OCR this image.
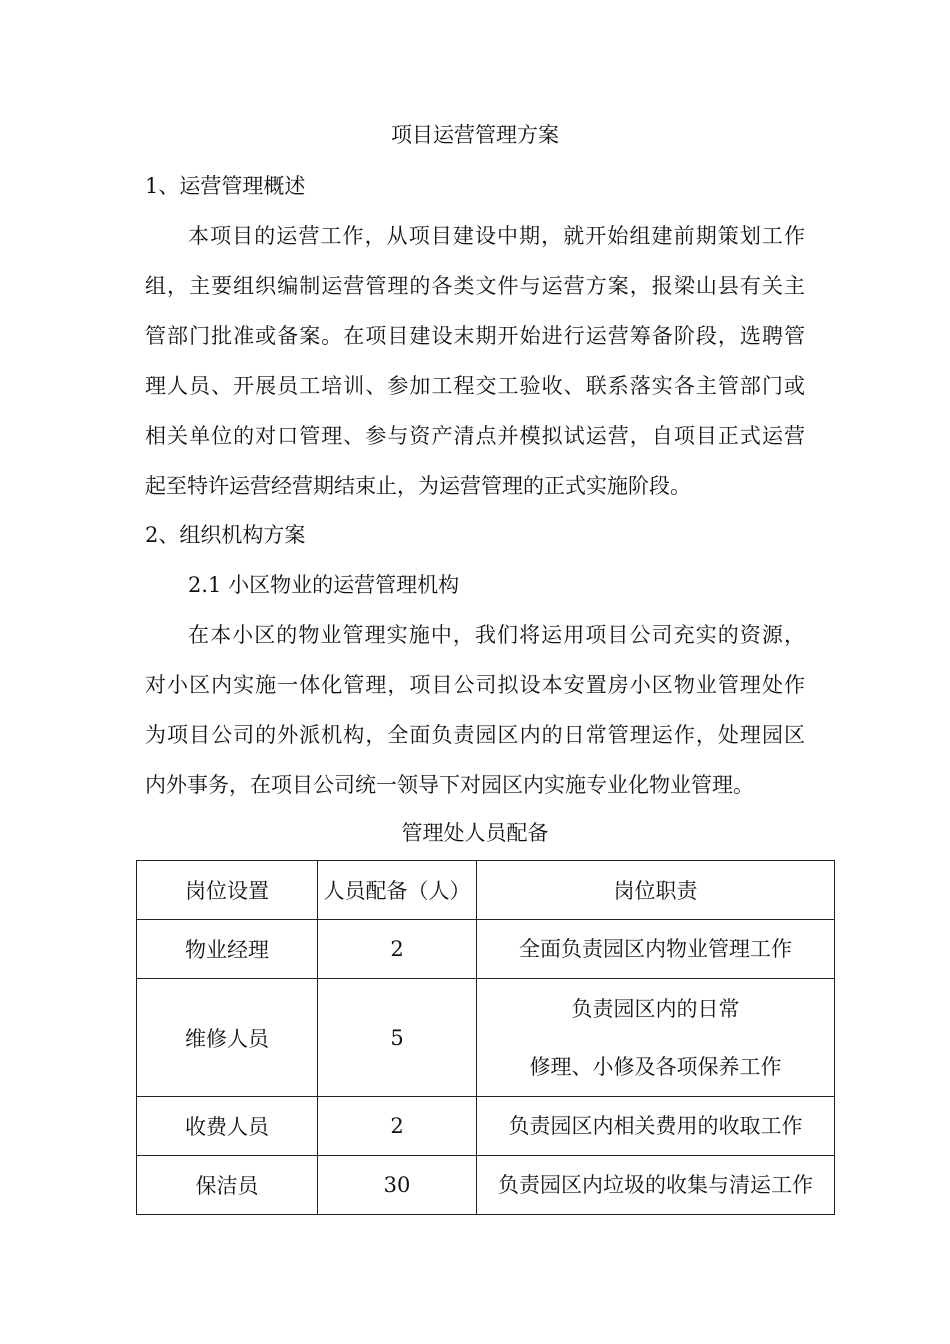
项目运营管理方案
1、运营管理概述
本项目的运营工作，从项目建设中期，就开始组建前期策划工作
组，主要组织编制运营管理的各类文件与运营方案，报梁山县有关主
管部门批准或备案。在项目建设末期开始进行运营筹备阶段，选聘管
理人员、开展员工培训、参加工程交工验收、联系落实各主管部门或
相关单位的对口管理、参与资产清点并模拟试运营，自项目正式运营
起至特许运营经营期结束止，为运营管理的正式实施阶段。
2、组织机构方案
2.1 小区物业的运营管理机构
在本小区的物业管理实施中，我们将运用项目公司充实的资源，
对小区内实施一体化管理，项目公司拟设本安置房小区物业管理处作
为项目公司的外派机构，全面负责园区内的日常管理运作，处理园区
内外事务，在项目公司统一领导下对园区内实施专业化物业管理。
管理处人员配备
岗位设置	人员配备（人）	岗位职责
物业经理	2	全面负责园区内物业管理工作

维修人员	5	负责园区内的日常
修理、小修及各项保养工作

收费人员	2	负责园区内相关费用的收取工作

保洁员	30	负责园区内垃圾的收集与清运工作
